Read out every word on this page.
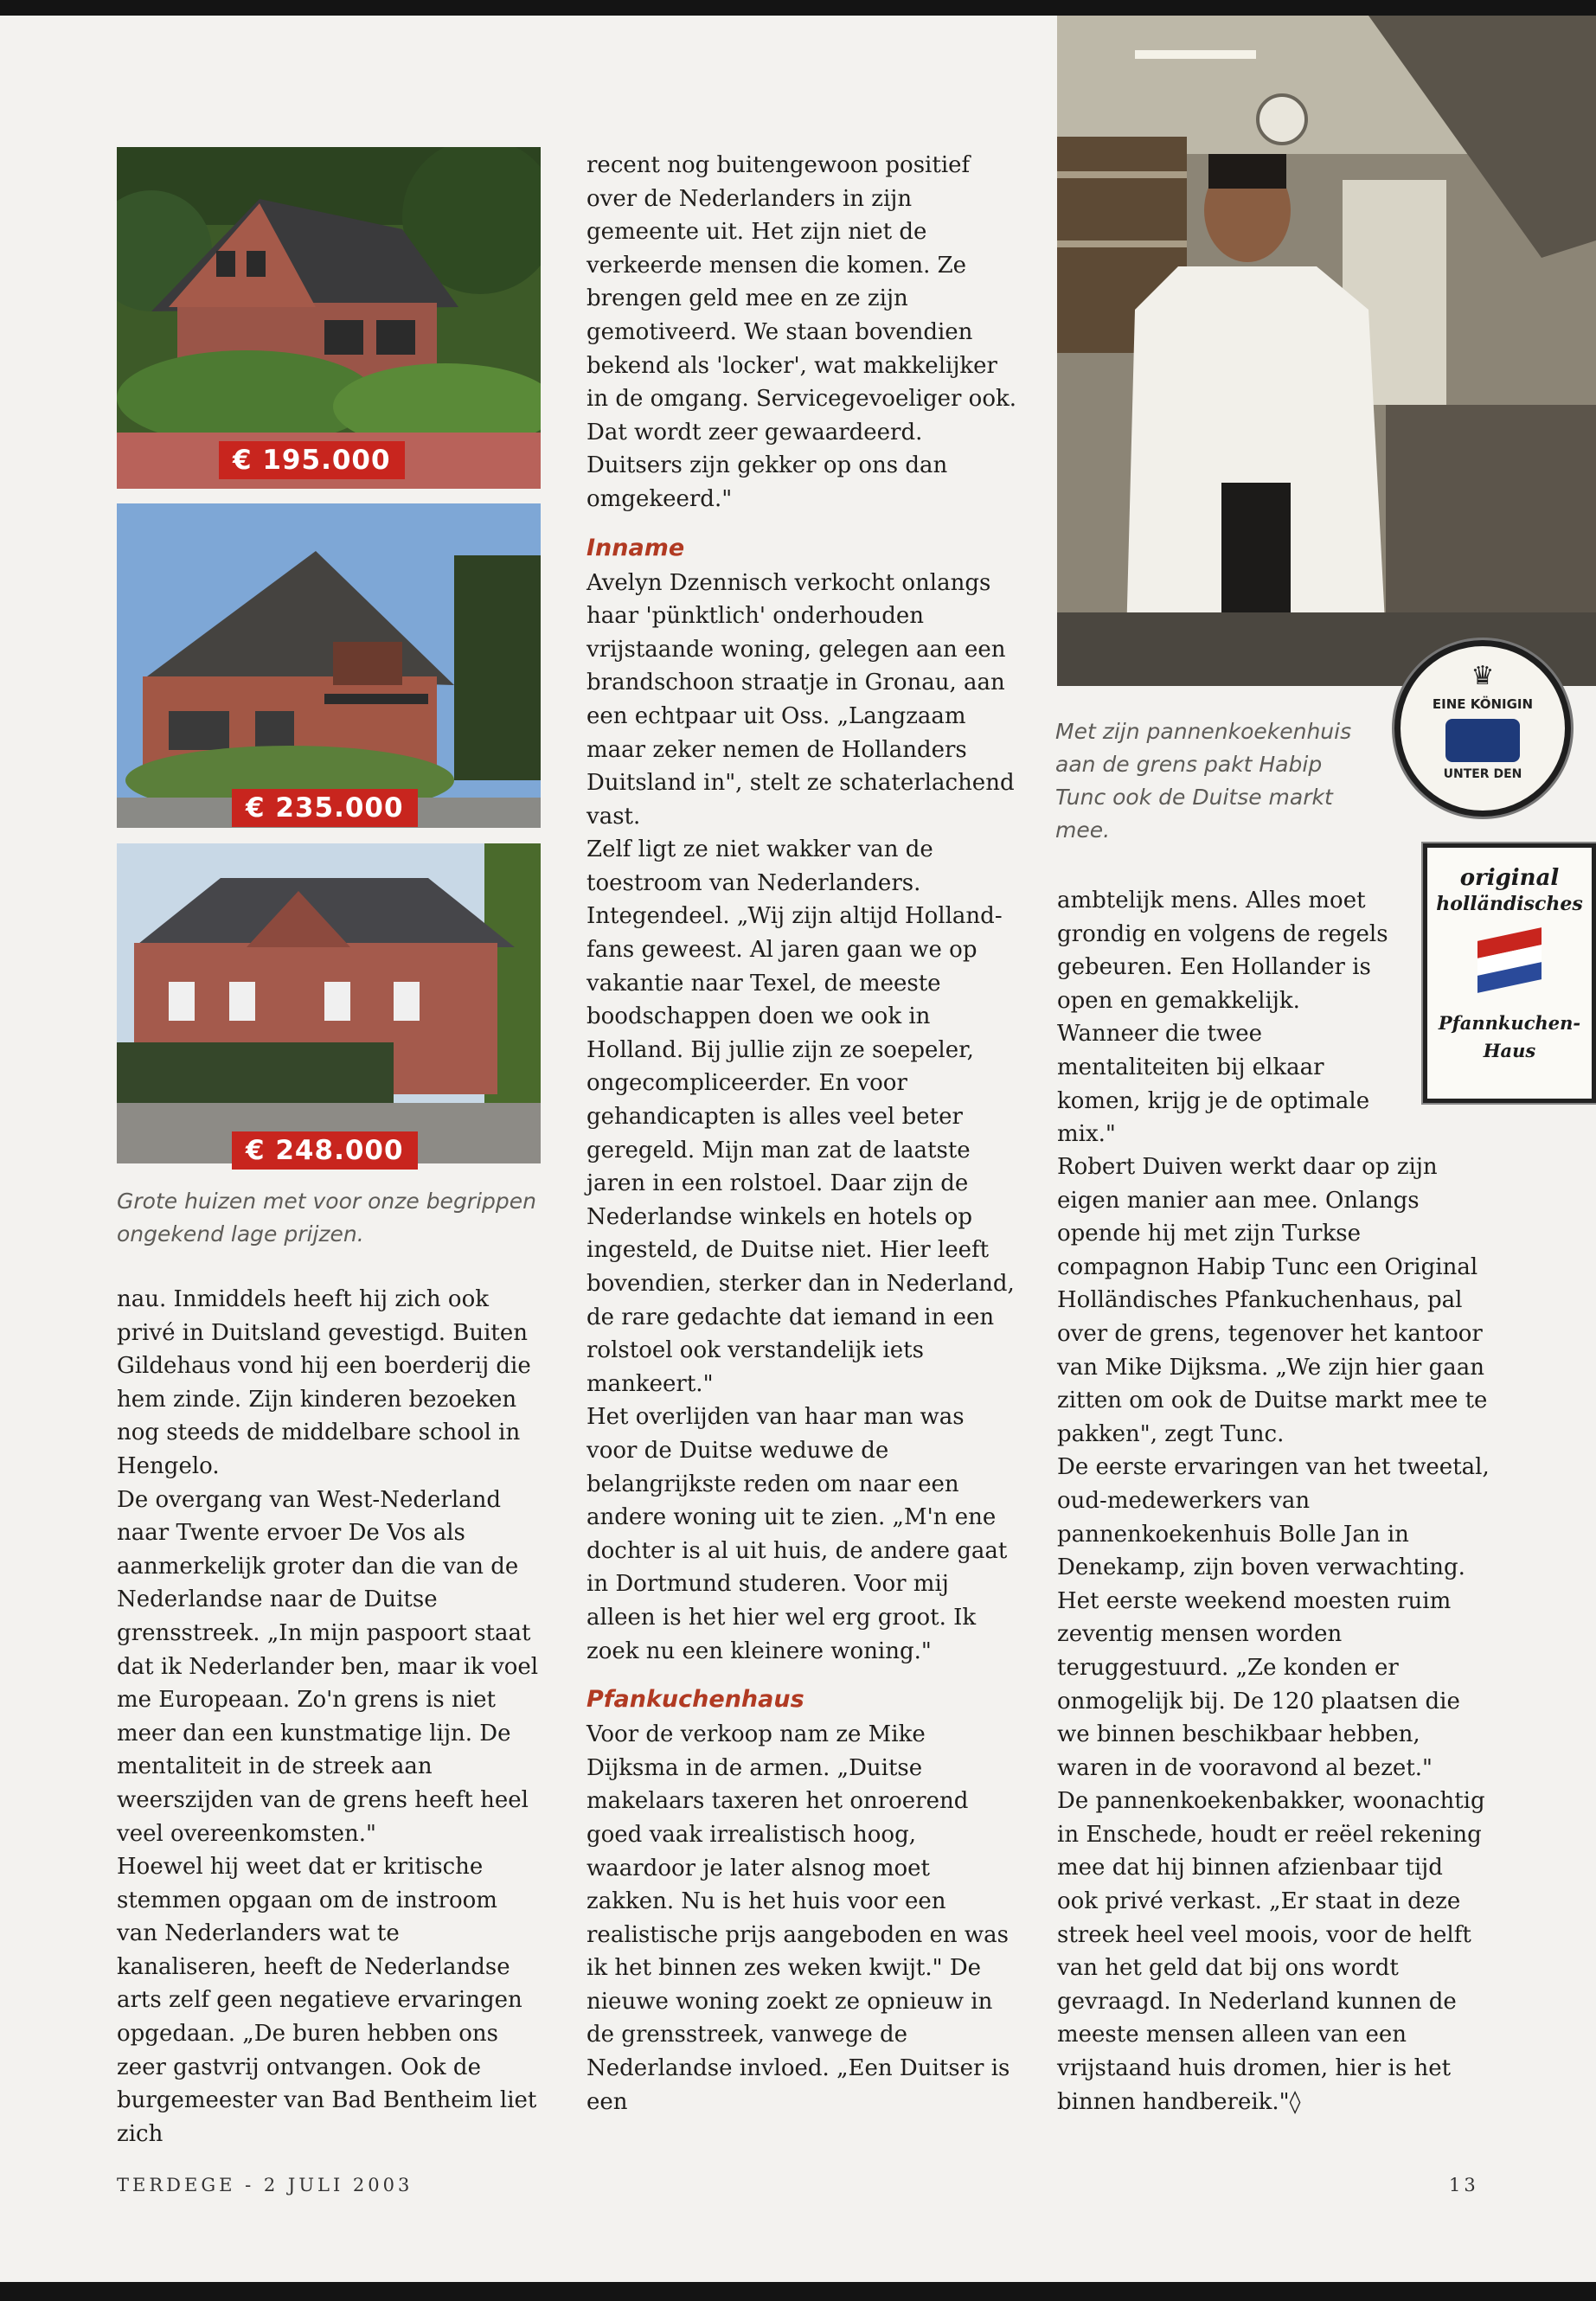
€ 195.000
€ 235.000
€ 248.000
Grote huizen met voor onze begrippen ongekend lage prijzen.
Met zijn pannenkoekenhuis aan de grens pakt Habip Tunc ook de Duitse markt mee.
♛
EINE KÖNIGIN
UNTER DEN
original
holländisches
Pfannkuchen-
Haus

nau. Inmiddels heeft hij zich ook privé in Duitsland gevestigd. Buiten Gildehaus vond hij een boerderij die hem zinde. Zijn kinderen bezoeken nog steeds de middelbare school in Hengelo.

De overgang van West-Nederland naar Twente ervoer De Vos als aanmerkelijk groter dan die van de Nederlandse naar de Duitse grensstreek. „In mijn paspoort staat dat ik Nederlander ben, maar ik voel me Europeaan. Zo'n grens is niet meer dan een kunstmatige lijn. De mentaliteit in de streek aan weerszijden van de grens heeft heel veel overeenkomsten."

Hoewel hij weet dat er kritische stemmen opgaan om de instroom van Nederlanders wat te kanaliseren, heeft de Nederlandse arts zelf geen negatieve ervaringen opgedaan. „De buren hebben ons zeer gastvrij ontvangen. Ook de burgemeester van Bad Bentheim liet zich

recent nog buitengewoon positief over de Nederlanders in zijn gemeente uit. Het zijn niet de verkeerde mensen die komen. Ze brengen geld mee en ze zijn gemotiveerd. We staan bovendien bekend als 'locker', wat makkelijker in de omgang. Servicegevoeliger ook. Dat wordt zeer gewaardeerd. Duitsers zijn gekker op ons dan omgekeerd."

Inname

Avelyn Dzennisch verkocht onlangs haar 'pünktlich' onderhouden vrijstaande woning, gelegen aan een brandschoon straatje in Gronau, aan een echtpaar uit Oss. „Langzaam maar zeker nemen de Hollanders Duitsland in", stelt ze schaterlachend vast.

Zelf ligt ze niet wakker van de toestroom van Nederlanders. Integendeel. „Wij zijn altijd Holland-fans geweest. Al jaren gaan we op vakantie naar Texel, de meeste boodschappen doen we ook in Holland. Bij jullie zijn ze soepeler, ongecompliceerder. En voor gehandicapten is alles veel beter geregeld. Mijn man zat de laatste jaren in een rolstoel. Daar zijn de Nederlandse winkels en hotels op ingesteld, de Duitse niet. Hier leeft bovendien, sterker dan in Nederland, de rare gedachte dat iemand in een rolstoel ook verstandelijk iets mankeert."

Het overlijden van haar man was voor de Duitse weduwe de belangrijkste reden om naar een andere woning uit te zien. „M'n ene dochter is al uit huis, de andere gaat in Dortmund studeren. Voor mij alleen is het hier wel erg groot. Ik zoek nu een kleinere woning."

Pfankuchenhaus

Voor de verkoop nam ze Mike Dijksma in de armen. „Duitse makelaars taxeren het onroerend goed vaak irrealistisch hoog, waardoor je later alsnog moet zakken. Nu is het huis voor een realistische prijs aangeboden en was ik het binnen zes weken kwijt." De nieuwe woning zoekt ze opnieuw in de grensstreek, vanwege de Nederlandse invloed. „Een Duitser is een

ambtelijk mens. Alles moet grondig en volgens de regels gebeuren. Een Hollander is open en gemakkelijk. Wanneer die twee mentaliteiten bij elkaar komen, krijg je de optimale mix."

Robert Duiven werkt daar op zijn eigen manier aan mee. Onlangs opende hij met zijn Turkse compagnon Habip Tunc een Original Holländisches Pfankuchenhaus, pal over de grens, tegenover het kantoor van Mike Dijksma. „We zijn hier gaan zitten om ook de Duitse markt mee te pakken", zegt Tunc.

De eerste ervaringen van het tweetal, oud-medewerkers van pannenkoekenhuis Bolle Jan in Denekamp, zijn boven verwachting. Het eerste weekend moesten ruim zeventig mensen worden teruggestuurd. „Ze konden er onmogelijk bij. De 120 plaatsen die we binnen beschikbaar hebben, waren in de vooravond al bezet."

De pannenkoekenbakker, woonachtig in Enschede, houdt er reëel rekening mee dat hij binnen afzienbaar tijd ook privé verkast. „Er staat in deze streek heel veel moois, voor de helft van het geld dat bij ons wordt gevraagd. In Nederland kunnen de meeste mensen alleen van een vrijstaand huis dromen, hier is het binnen handbereik."◊

TERDEGE - 2 JULI 2003	13
